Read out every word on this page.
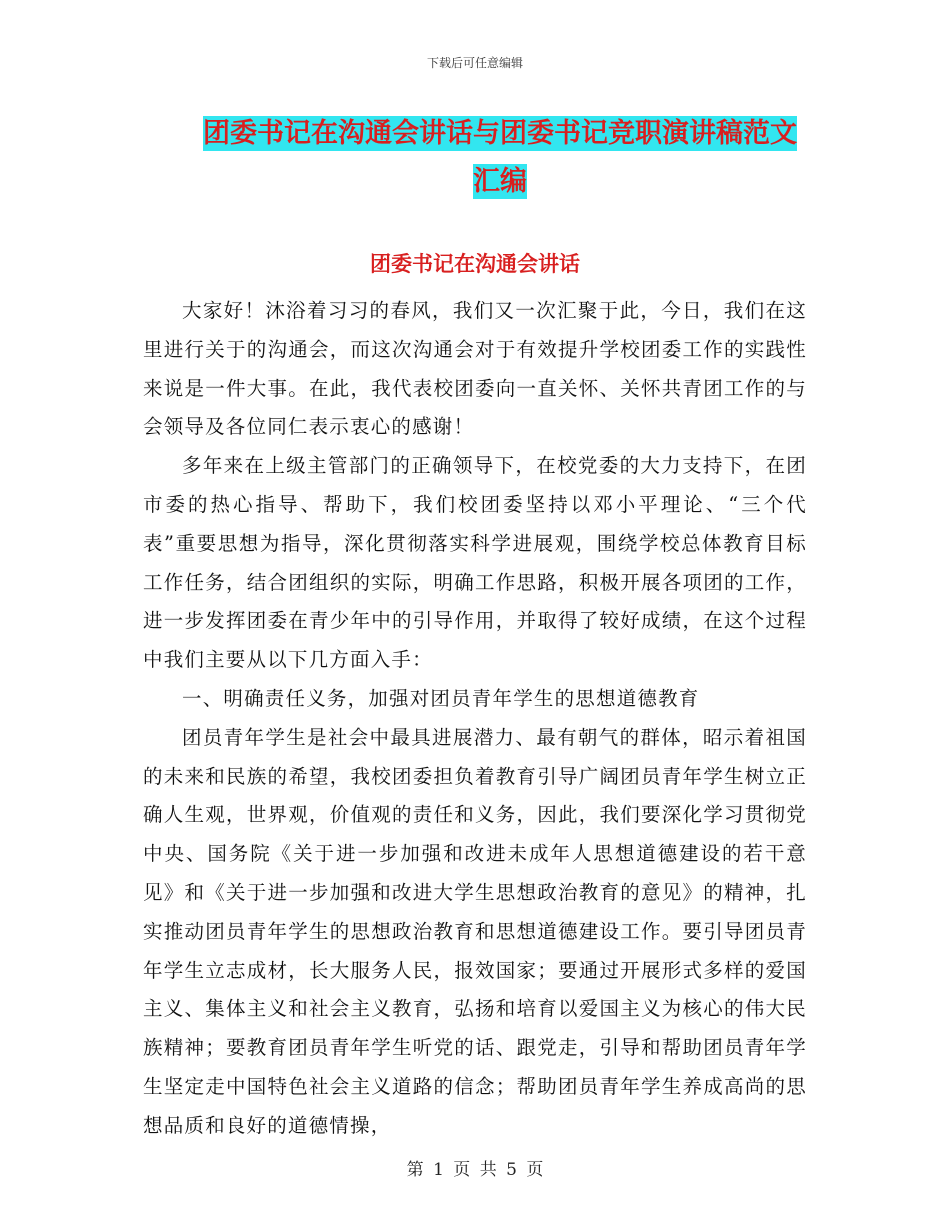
下载后可任意编辑
团委书记在沟通会讲话与团委书记竞职演讲稿范文汇编
团委书记在沟通会讲话

大家好！沐浴着习习的春风，我们又一次汇聚于此，今日，我们在这里进行关于的沟通会，而这次沟通会对于有效提升学校团委工作的实践性来说是一件大事。在此，我代表校团委向一直关怀、关怀共青团工作的与会领导及各位同仁表示衷心的感谢！

多年来在上级主管部门的正确领导下，在校党委的大力支持下，在团市委的热心指导、帮助下，我们校团委坚持以邓小平理论、“三个代表”重要思想为指导，深化贯彻落实科学进展观，围绕学校总体教育目标工作任务，结合团组织的实际，明确工作思路，积极开展各项团的工作，进一步发挥团委在青少年中的引导作用，并取得了较好成绩，在这个过程中我们主要从以下几方面入手：

一、明确责任义务，加强对团员青年学生的思想道德教育

团员青年学生是社会中最具进展潜力、最有朝气的群体，昭示着祖国的未来和民族的希望，我校团委担负着教育引导广阔团员青年学生树立正确人生观，世界观，价值观的责任和义务，因此，我们要深化学习贯彻党中央、国务院《关于进一步加强和改进未成年人思想道德建设的若干意见》和《关于进一步加强和改进大学生思想政治教育的意见》的精神，扎实推动团员青年学生的思想政治教育和思想道德建设工作。要引导团员青年学生立志成材，长大服务人民，报效国家；要通过开展形式多样的爱国主义、集体主义和社会主义教育，弘扬和培育以爱国主义为核心的伟大民族精神；要教育团员青年学生听党的话、跟党走，引导和帮助团员青年学生坚定走中国特色社会主义道路的信念；帮助团员青年学生养成高尚的思想品质和良好的道德情操，

第 1 页 共 5 页
